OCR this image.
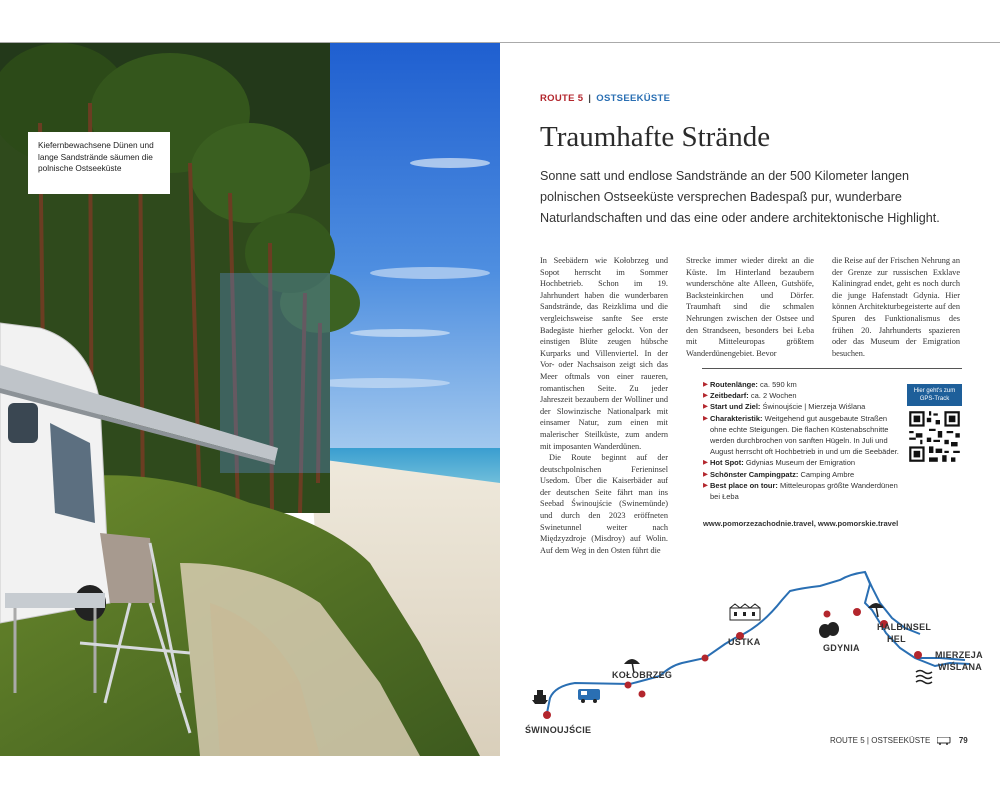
Kiefernbewachsene Dünen und lange Sandstrände säumen die polnische Ostseeküste
ROUTE 5 | OSTSEEKÜSTE
Traumhafte Strände

Sonne satt und endlose Sandstrände an der 500 Kilometer langen polnischen Ostseeküste versprechen Badespaß pur, wunderbare Naturlandschaften und das eine oder andere architektonische Highlight.

In Seebädern wie Kołobrzeg und Sopot herrscht im Sommer Hochbetrieb. Schon im 19. Jahrhundert haben die wunderbaren Sandstrände, das Reizklima und die vergleichsweise sanfte See erste Badegäste hierher gelockt. Von der einstigen Blüte zeugen hübsche Kurparks und Villenviertel. In der Vor- oder Nachsaison zeigt sich das Meer oftmals von einer raueren, romantischen Seite. Zu jeder Jahreszeit bezaubern der Wolliner und der Slowinzische Nationalpark mit einsamer Natur, zum einen mit malerischer Steilküste, zum andern mit imposanten Wanderdünen.

Die Route beginnt auf der deutschpolnischen Ferieninsel Usedom. Über die Kaiserbäder auf der deutschen Seite fährt man ins Seebad Świnoujście (Swinemünde) und durch den 2023 eröffneten Swinetunnel weiter nach Międzyzdroje (Misdroy) auf Wolin. Auf dem Weg in den Osten führt die

Strecke immer wieder direkt an die Küste. Im Hinterland bezaubern wunderschöne alte Alleen, Gutshöfe, Backsteinkirchen und Dörfer. Traumhaft sind die schmalen Nehrungen zwischen der Ostsee und den Strandseen, besonders bei Łeba mit Mitteleuropas größtem Wanderdünengebiet. Bevor

die Reise auf der Frischen Nehrung an der Grenze zur russischen Exklave Kaliningrad endet, geht es noch durch die junge Hafenstadt Gdynia. Hier können Architekturbegeisterte auf den Spuren des Funktionalismus des frühen 20. Jahrhunderts spazieren oder das Museum der Emigration besuchen.

▶ Routenlänge: ca. 590 km
▶ Zeitbedarf: ca. 2 Wochen
▶ Start und Ziel: Świnoujście | Mierzeja Wiślana
▶ Charakteristik: Weitgehend gut ausgebaute Straßen ohne echte Steigungen. Die flachen Küstenabschnitte werden durchbrochen von sanften Hügeln. In Juli und August herrscht oft Hochbetrieb in und um die Seebäder.
▶ Hot Spot: Gdynias Museum der Emigration
▶ Schönster Campingpatz: Camping Ambre
▶ Best place on tour: Mitteleuropas größte Wanderdünen bei Łeba
www.pomorzezachodnie.travel, www.pomorskie.travel
Hier geht's zum GPS-Track
ŚWINOUJŚCIE
KOŁOBRZEG
USTKA
GDYNIA
HALBINSEL
HEL
MIERZEJA
WIŚLANA
ROUTE 5 | OSTSEEKÜSTE	79
